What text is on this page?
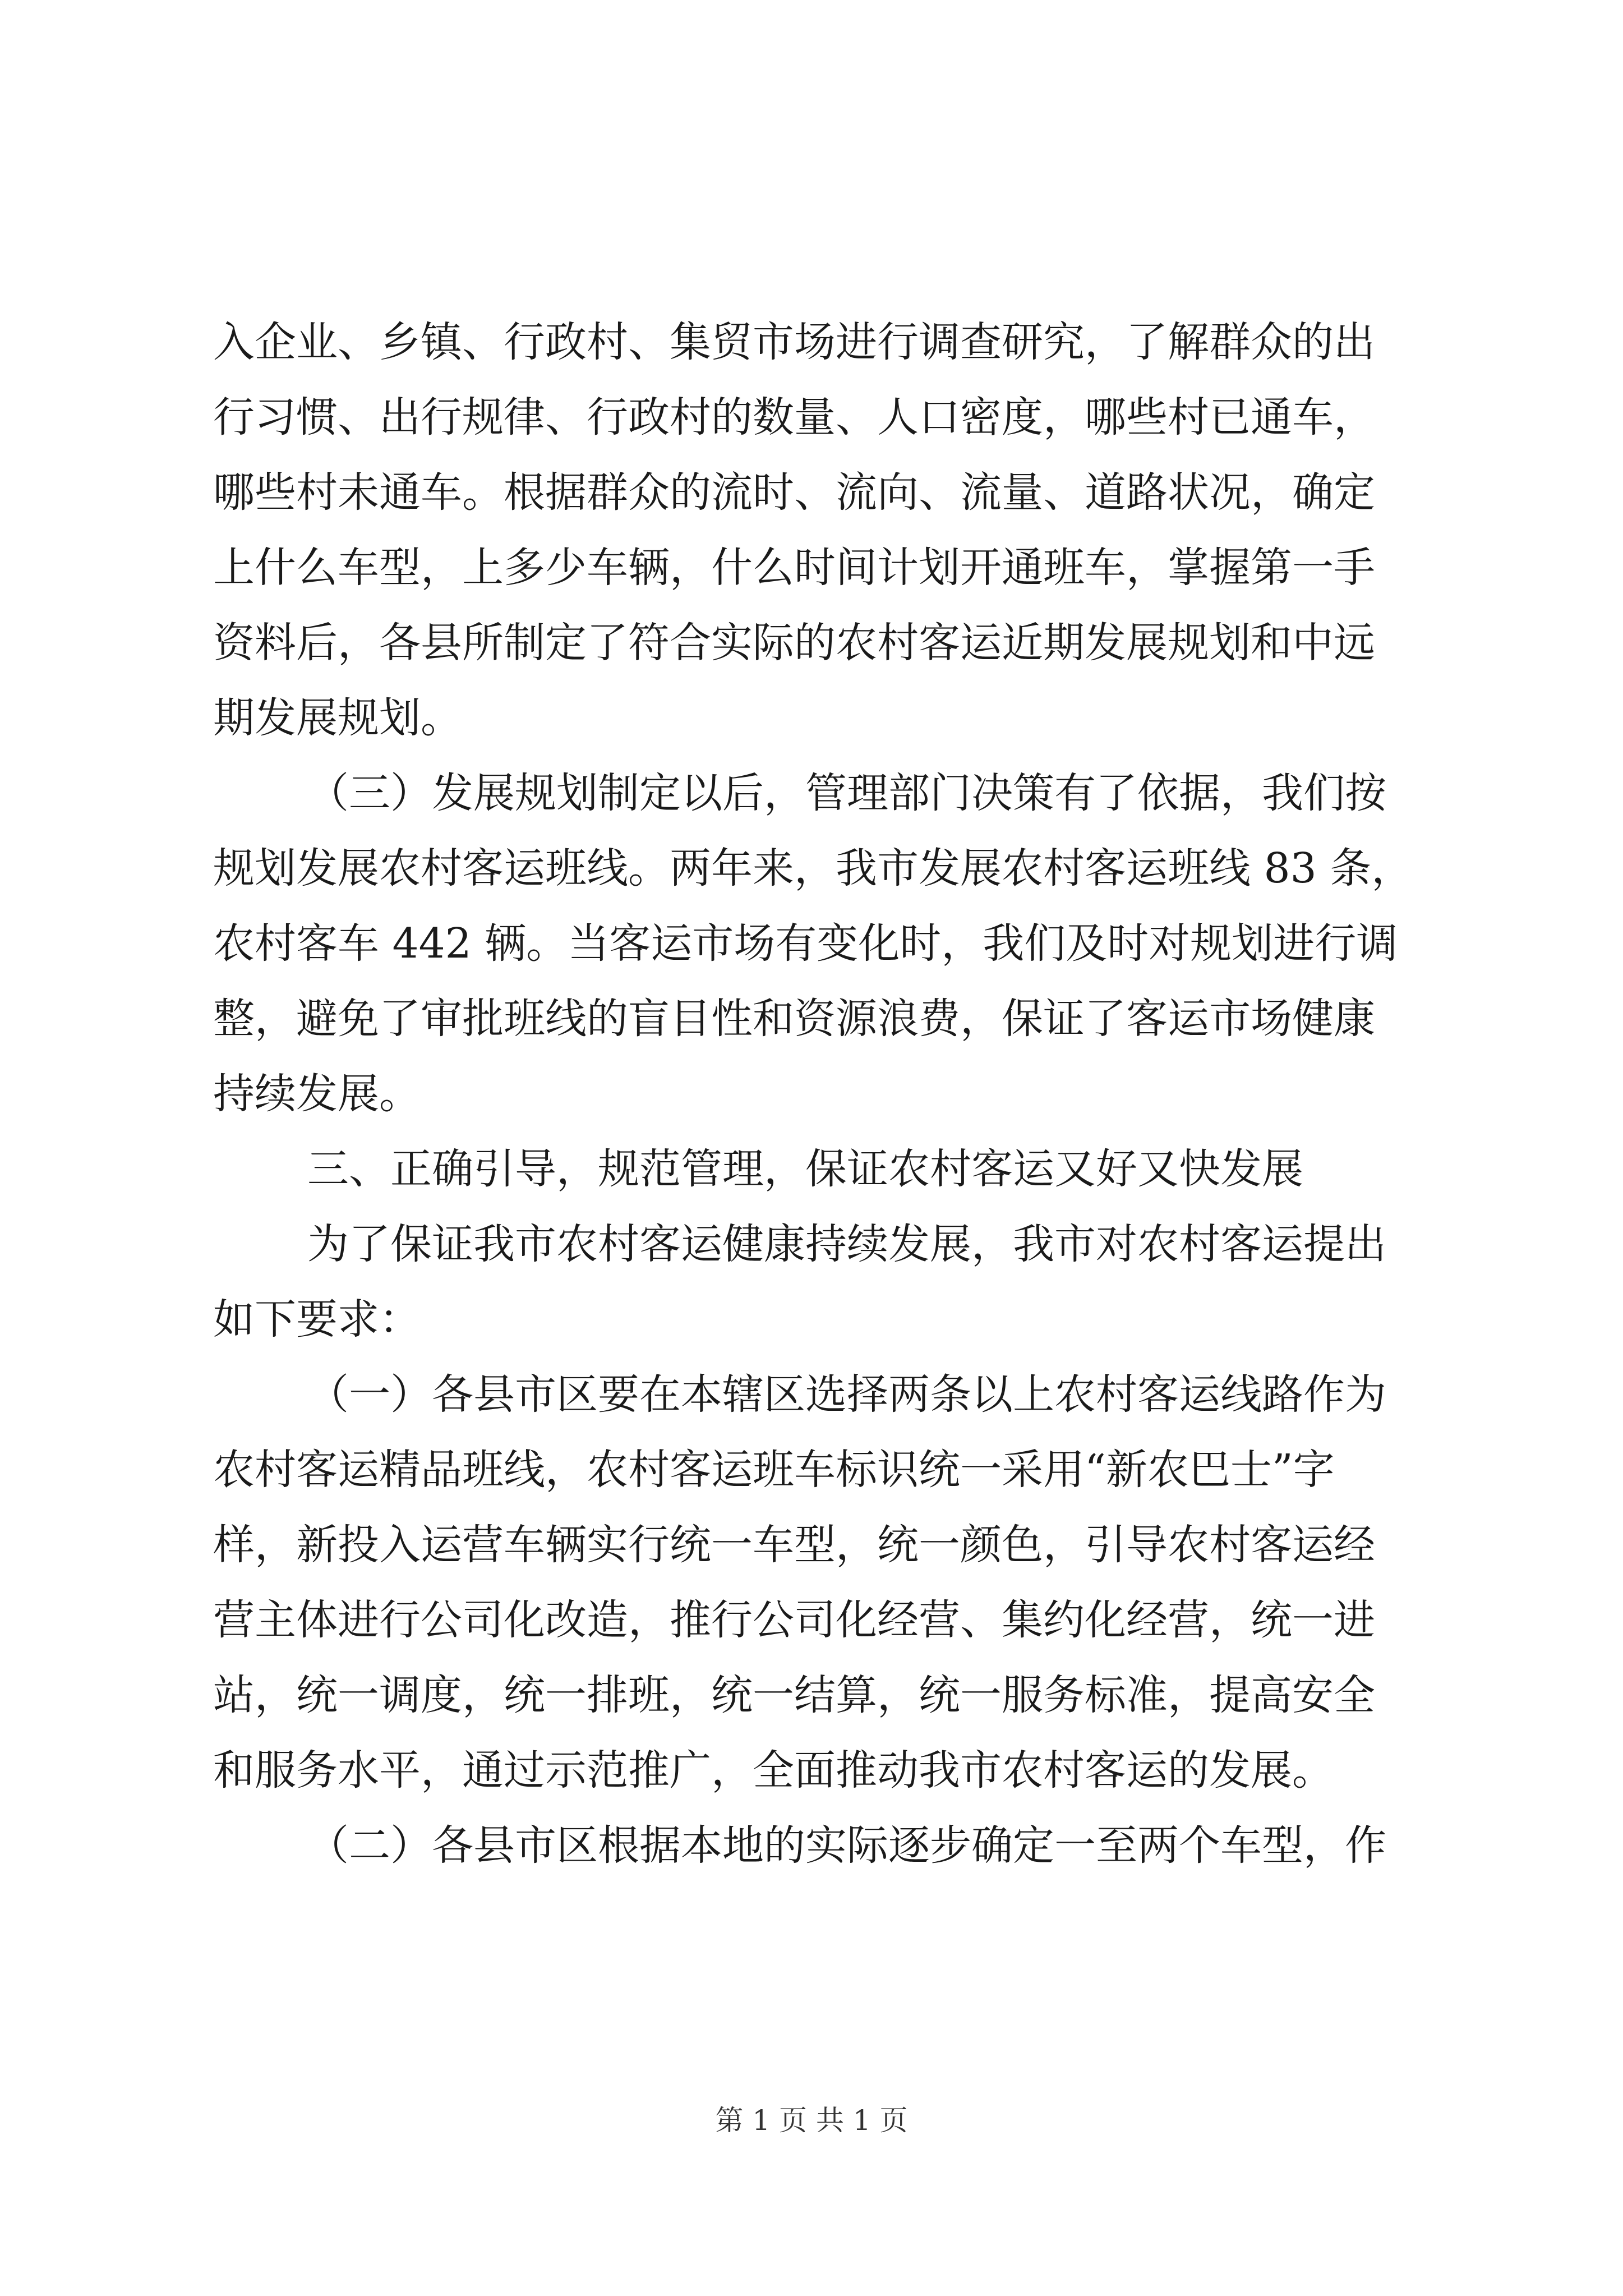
入企业、乡镇、行政村、集贸市场进行调查研究，了解群众的出
行习惯、出行规律、行政村的数量、人口密度，哪些村已通车，
哪些村未通车。根据群众的流时、流向、流量、道路状况，确定
上什么车型，上多少车辆，什么时间计划开通班车，掌握第一手
资料后，各县所制定了符合实际的农村客运近期发展规划和中远
期发展规划。
（三）发展规划制定以后，管理部门决策有了依据，我们按
规划发展农村客运班线。两年来，我市发展农村客运班线 83 条，
农村客车 442 辆。当客运市场有变化时，我们及时对规划进行调
整，避免了审批班线的盲目性和资源浪费，保证了客运市场健康
持续发展。
三、正确引导，规范管理，保证农村客运又好又快发展
为了保证我市农村客运健康持续发展，我市对农村客运提出
如下要求：
（一）各县市区要在本辖区选择两条以上农村客运线路作为
农村客运精品班线，农村客运班车标识统一采用“新农巴士”字
样，新投入运营车辆实行统一车型，统一颜色，引导农村客运经
营主体进行公司化改造，推行公司化经营、集约化经营，统一进
站，统一调度，统一排班，统一结算，统一服务标准，提高安全
和服务水平，通过示范推广，全面推动我市农村客运的发展。
（二）各县市区根据本地的实际逐步确定一至两个车型，作
第 1 页 共 1 页
